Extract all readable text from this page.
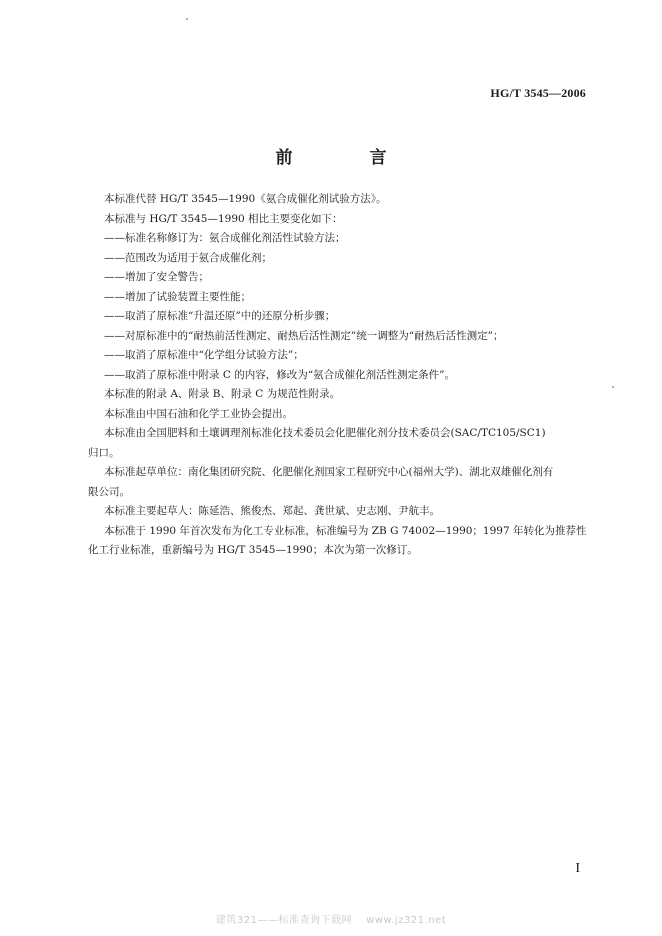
HG/T 3545—2006
前　言

本标准代替 HG/T 3545—1990《氨合成催化剂试验方法》。

本标准与 HG/T 3545—1990 相比主要变化如下：

——标准名称修订为：氨合成催化剂活性试验方法；

——范围改为适用于氨合成催化剂；

——增加了安全警告；

——增加了试验装置主要性能；

——取消了原标准“升温还原”中的还原分析步骤；

——对原标准中的“耐热前活性测定、耐热后活性测定”统一调整为“耐热后活性测定”；

——取消了原标准中“化学组分试验方法”；

——取消了原标准中附录 C 的内容，修改为“氨合成催化剂活性测定条件”。

本标准的附录 A、附录 B、附录 C 为规范性附录。

本标准由中国石油和化学工业协会提出。

本标准由全国肥料和土壤调理剂标准化技术委员会化肥催化剂分技术委员会(SAC/TC105/SC1)

归口。

本标准起草单位：南化集团研究院、化肥催化剂国家工程研究中心(福州大学)、湖北双雄催化剂有

限公司。

本标准主要起草人：陈延浩、熊俊杰、郑起、龚世斌、史志刚、尹航丰。

本标准于 1990 年首次发布为化工专业标准，标准编号为 ZB G 74002—1990；1997 年转化为推荐性

化工行业标准，重新编号为 HG/T 3545—1990；本次为第一次修订。

I
建筑321——标准查询下载网　 www.jz321.net
